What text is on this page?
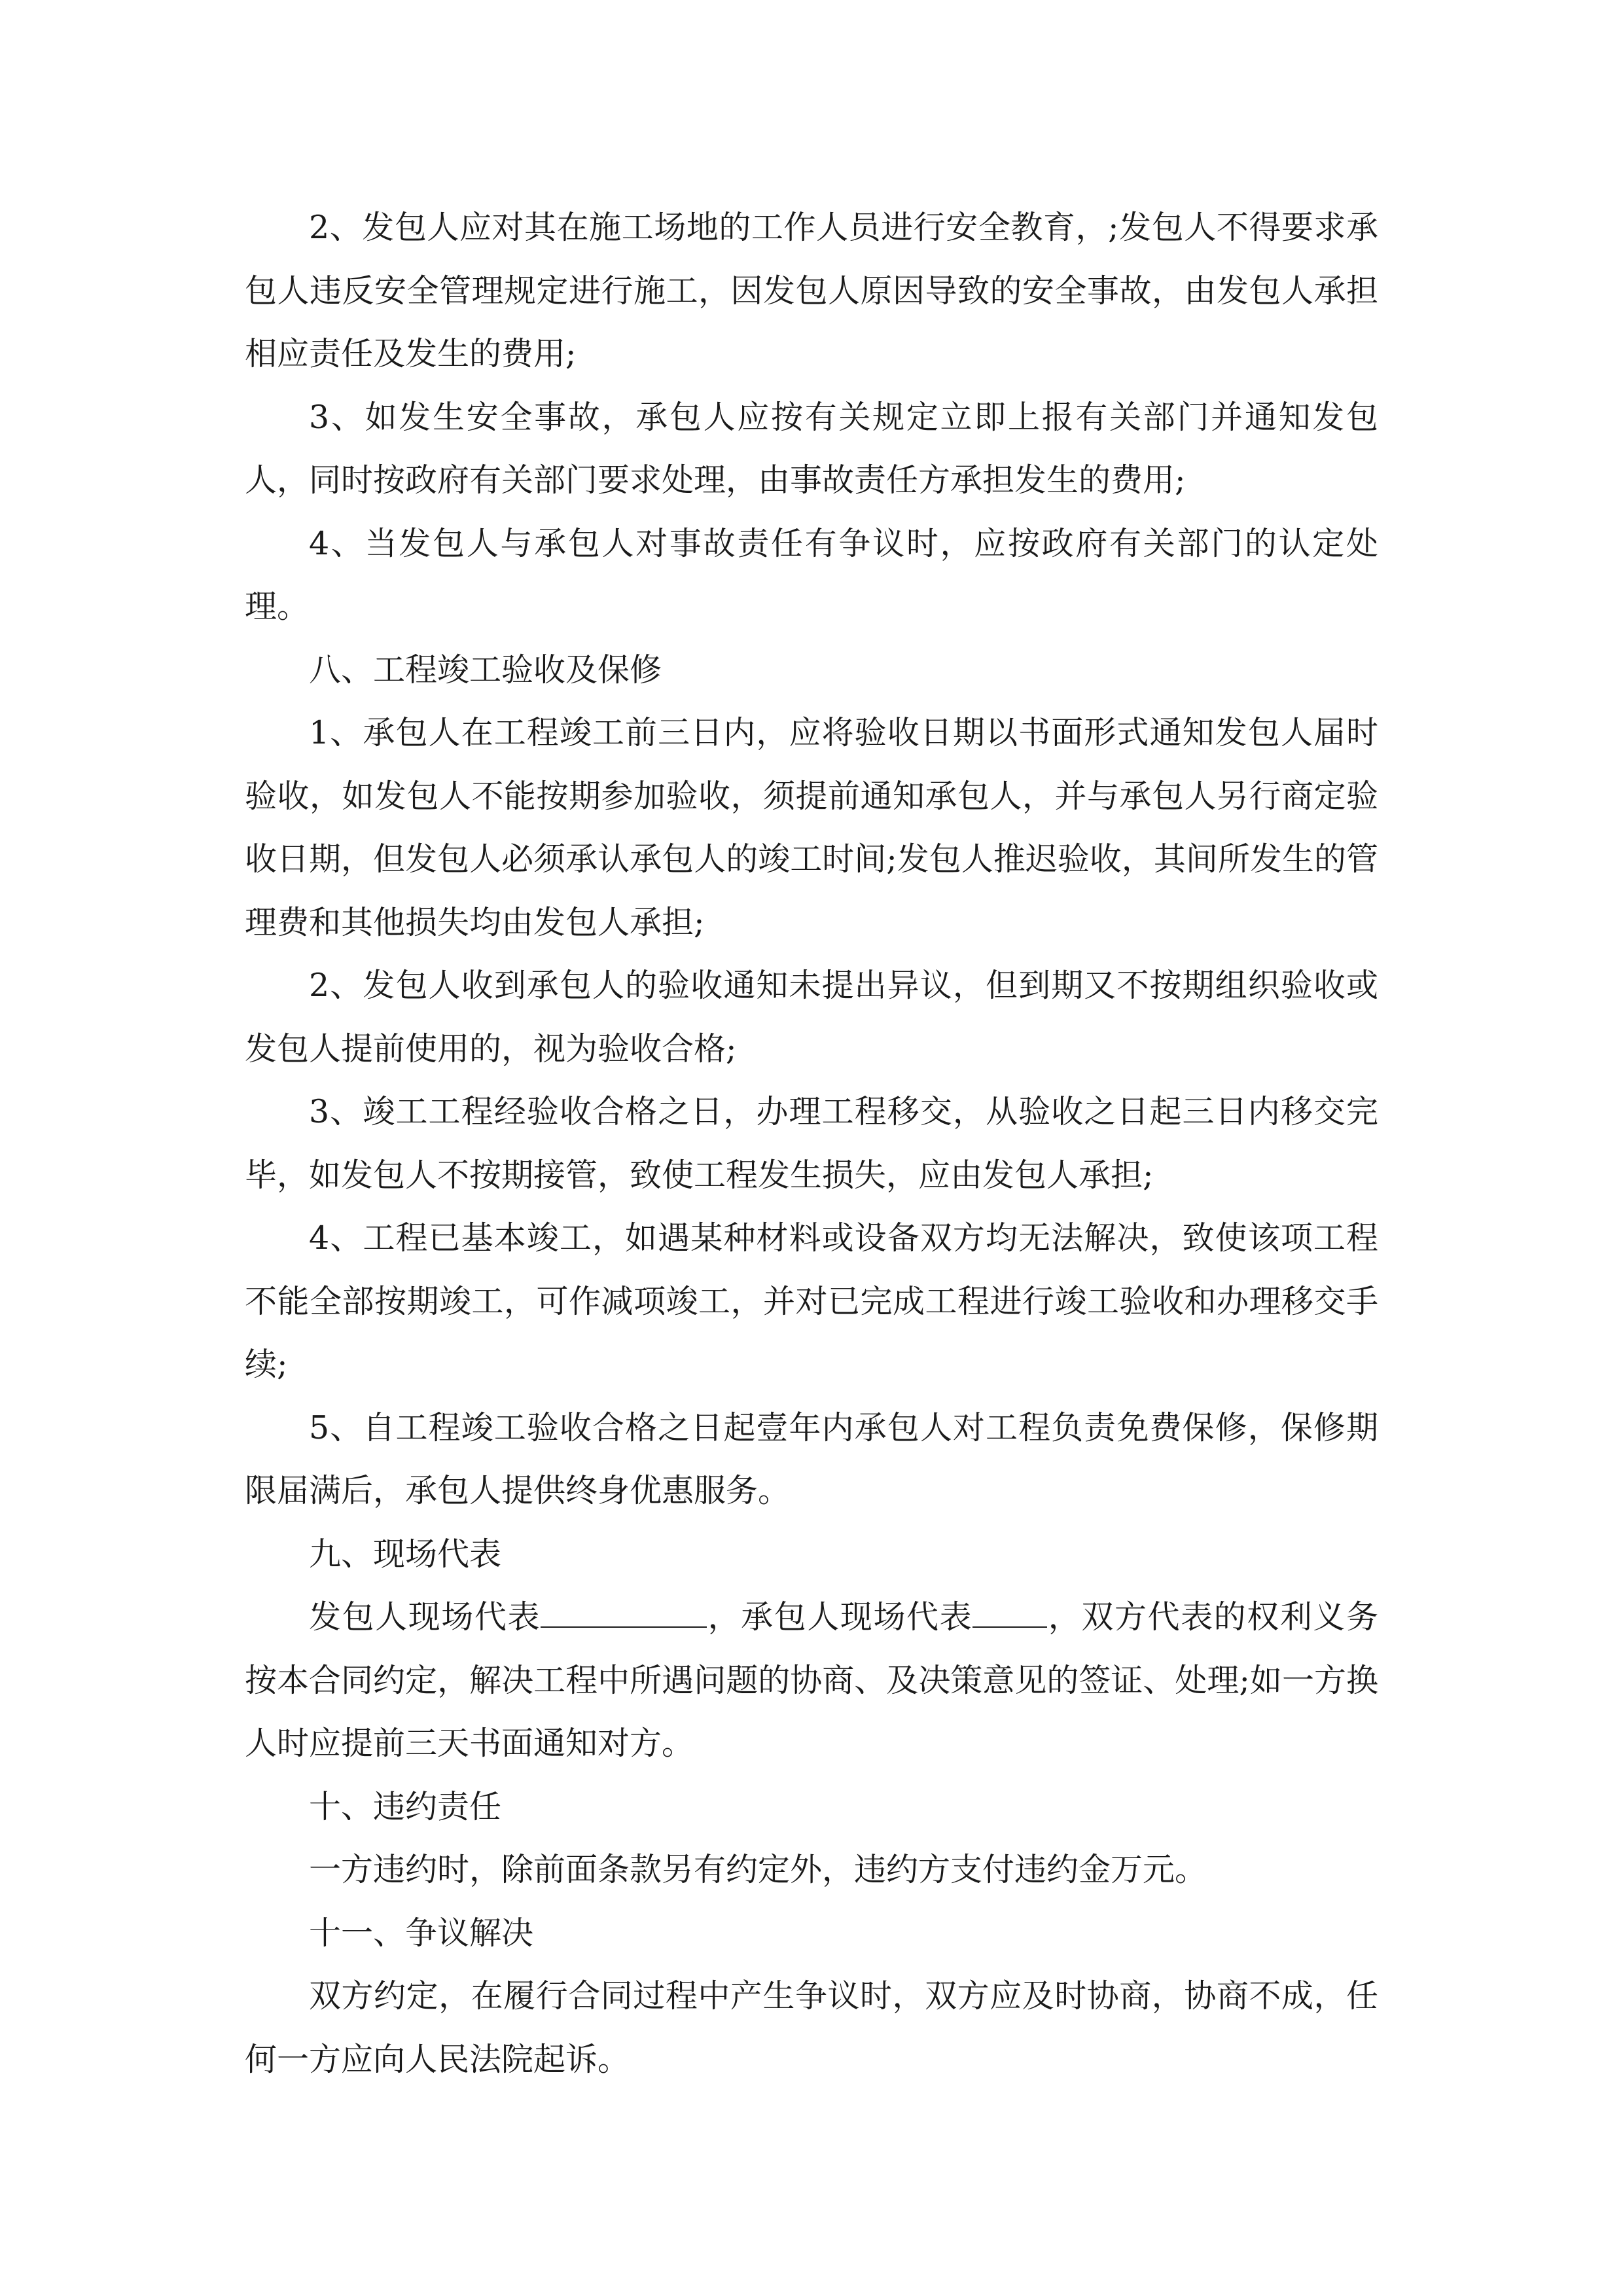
2、发包人应对其在施工场地的工作人员进行安全教育，;发包人不得要求承包人违反安全管理规定进行施工，因发包人原因导致的安全事故，由发包人承担相应责任及发生的费用;

3、如发生安全事故，承包人应按有关规定立即上报有关部门并通知发包人，同时按政府有关部门要求处理，由事故责任方承担发生的费用;

4、当发包人与承包人对事故责任有争议时，应按政府有关部门的认定处理。

八、工程竣工验收及保修

1、承包人在工程竣工前三日内，应将验收日期以书面形式通知发包人届时验收，如发包人不能按期参加验收，须提前通知承包人，并与承包人另行商定验收日期，但发包人必须承认承包人的竣工时间;发包人推迟验收，其间所发生的管理费和其他损失均由发包人承担;

2、发包人收到承包人的验收通知未提出异议，但到期又不按期组织验收或发包人提前使用的，视为验收合格;

3、竣工工程经验收合格之日，办理工程移交，从验收之日起三日内移交完毕，如发包人不按期接管，致使工程发生损失，应由发包人承担;

4、工程已基本竣工，如遇某种材料或设备双方均无法解决，致使该项工程不能全部按期竣工，可作减项竣工，并对已完成工程进行竣工验收和办理移交手续;

5、自工程竣工验收合格之日起壹年内承包人对工程负责免费保修，保修期限届满后，承包人提供终身优惠服务。

九、现场代表

发包人现场代表	，承包人现场代表 ，双方代表的权利义务按本合同约定，解决工程中所遇问题的协商、及决策意见的签证、处理;如一方换人时应提前三天书面通知对方。

十、违约责任

一方违约时，除前面条款另有约定外，违约方支付违约金万元。

十一、争议解决

双方约定，在履行合同过程中产生争议时，双方应及时协商，协商不成，任何一方应向人民法院起诉。
